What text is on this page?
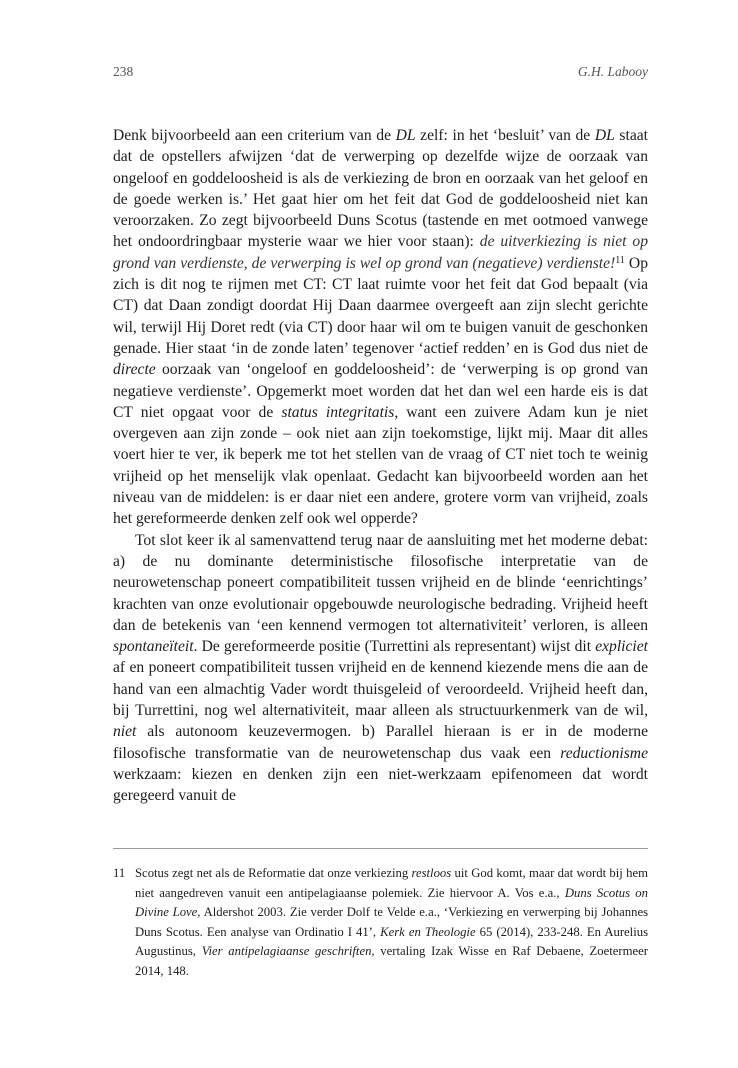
238	G.H. Labooy

Denk bijvoorbeeld aan een criterium van de DL zelf: in het ‘besluit’ van de DL staat dat de opstellers afwijzen ‘dat de verwerping op dezelfde wijze de oorzaak van ongeloof en goddeloosheid is als de verkiezing de bron en oorzaak van het geloof en de goede werken is.’ Het gaat hier om het feit dat God de goddeloosheid niet kan veroorzaken. Zo zegt bijvoorbeeld Duns Scotus (tastende en met ootmoed vanwege het ondoordringbaar mysterie waar we hier voor staan): de uitverkiezing is niet op grond van verdienste, de verwerping is wel op grond van (negatieve) verdienste!$^{11}$ Op zich is dit nog te rijmen met CT: CT laat ruimte voor het feit dat God bepaalt (via CT) dat Daan zondigt doordat Hij Daan daarmee overgeeft aan zijn slecht gerichte wil, terwijl Hij Doret redt (via CT) door haar wil om te buigen vanuit de geschonken genade. Hier staat ‘in de zonde laten’ tegenover ‘actief redden’ en is God dus niet de directe oorzaak van ‘ongeloof en goddeloosheid’: de ‘verwerping is op grond van negatieve verdienste’. Opgemerkt moet worden dat het dan wel een harde eis is dat CT niet opgaat voor de status integritatis, want een zuivere Adam kun je niet overgeven aan zijn zonde – ook niet aan zijn toekomstige, lijkt mij. Maar dit alles voert hier te ver, ik beperk me tot het stellen van de vraag of CT niet toch te weinig vrijheid op het menselijk vlak openlaat. Gedacht kan bijvoorbeeld worden aan het niveau van de middelen: is er daar niet een andere, grotere vorm van vrijheid, zoals het gereformeerde denken zelf ook wel opperde?

Tot slot keer ik al samenvattend terug naar de aansluiting met het moderne debat: a) de nu dominante deterministische filosofische interpretatie van de neurowetenschap poneert compatibiliteit tussen vrijheid en de blinde ‘eenrichtings’ krachten van onze evolutionair opgebouwde neurologische bedrading. Vrijheid heeft dan de betekenis van ‘een kennend vermogen tot alternativiteit’ verloren, is alleen spontaneïteit. De gereformeerde positie (Turrettini als representant) wijst dit expliciet af en poneert compatibiliteit tussen vrijheid en de kennend kiezende mens die aan de hand van een almachtig Vader wordt thuisgeleid of veroordeeld. Vrijheid heeft dan, bij Turrettini, nog wel alternativiteit, maar alleen als structuurkenmerk van de wil, niet als autonoom keuzevermogen. b) Parallel hieraan is er in de moderne filosofische transformatie van de neurowetenschap dus vaak een reductionisme werkzaam: kiezen en denken zijn een niet-werkzaam epifenomeen dat wordt geregeerd vanuit de

11 Scotus zegt net als de Reformatie dat onze verkiezing restloos uit God komt, maar dat wordt bij hem niet aangedreven vanuit een antipelagiaanse polemiek. Zie hiervoor A. Vos e.a., Duns Scotus on Divine Love, Aldershot 2003. Zie verder Dolf te Velde e.a., ‘Verkiezing en verwerping bij Johannes Duns Scotus. Een analyse van Ordinatio I 41’, Kerk en Theologie 65 (2014), 233-248. En Aurelius Augustinus, Vier antipelagiaanse geschriften, vertaling Izak Wisse en Raf Debaene, Zoetermeer 2014, 148.
